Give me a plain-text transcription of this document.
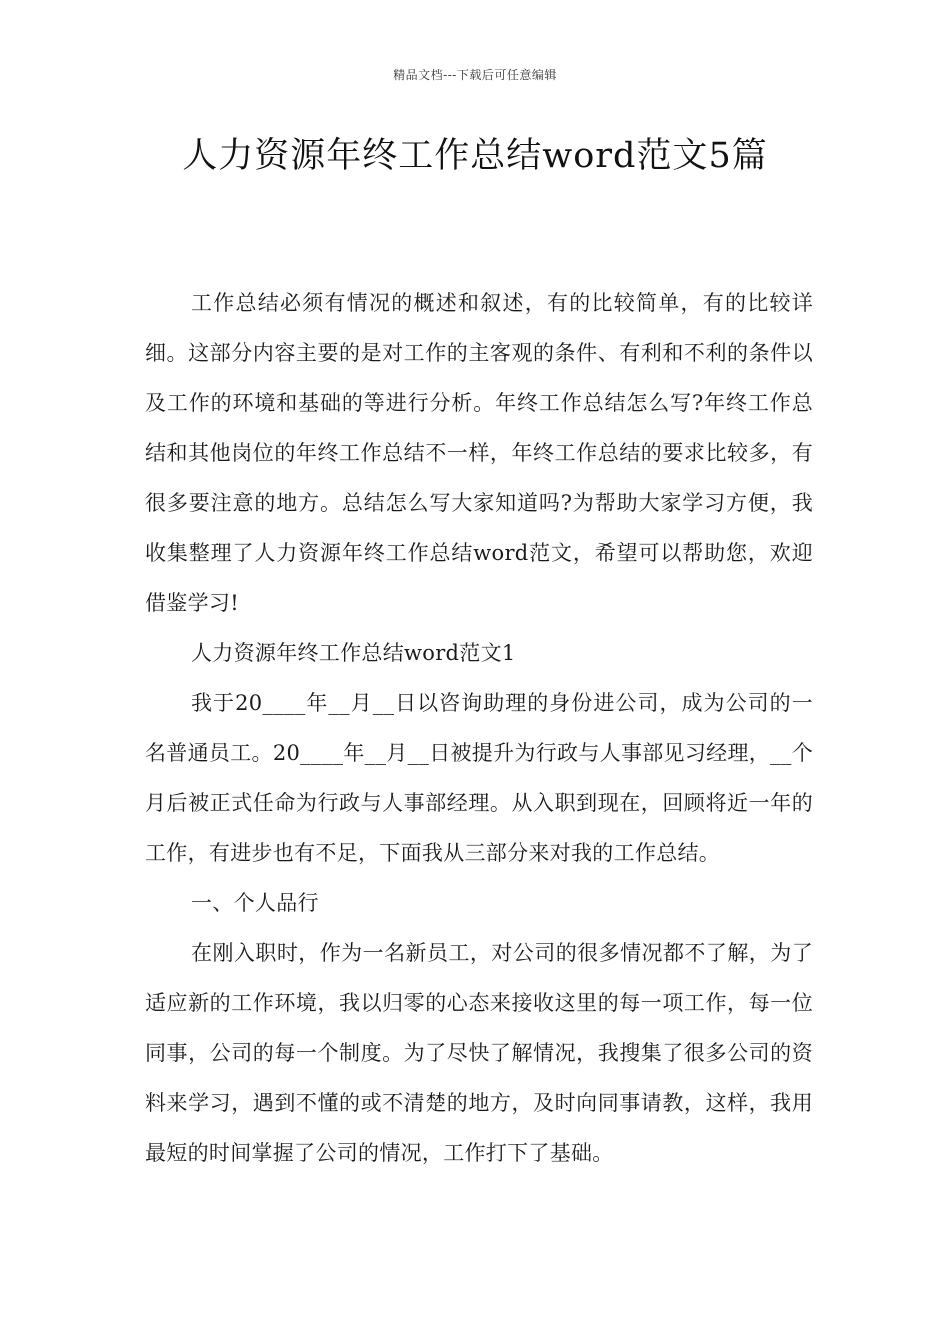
精品文档---下载后可任意编辑
人力资源年终工作总结word范文5篇

工作总结必须有情况的概述和叙述，有的比较简单，有的比较详细。这部分内容主要的是对工作的主客观的条件、有利和不利的条件以及工作的环境和基础的等进行分析。年终工作总结怎么写?年终工作总结和其他岗位的年终工作总结不一样，年终工作总结的要求比较多，有很多要注意的地方。总结怎么写大家知道吗?为帮助大家学习方便，我收集整理了人力资源年终工作总结word范文，希望可以帮助您，欢迎借鉴学习!

人力资源年终工作总结word范文1

我于20____年__月__日以咨询助理的身份进公司，成为公司的一名普通员工。20____年__月__日被提升为行政与人事部见习经理，__个月后被正式任命为行政与人事部经理。从入职到现在，回顾将近一年的工作，有进步也有不足，下面我从三部分来对我的工作总结。

一、个人品行

在刚入职时，作为一名新员工，对公司的很多情况都不了解，为了适应新的工作环境，我以归零的心态来接收这里的每一项工作，每一位同事，公司的每一个制度。为了尽快了解情况，我搜集了很多公司的资料来学习，遇到不懂的或不清楚的地方，及时向同事请教，这样，我用最短的时间掌握了公司的情况，工作打下了基础。
